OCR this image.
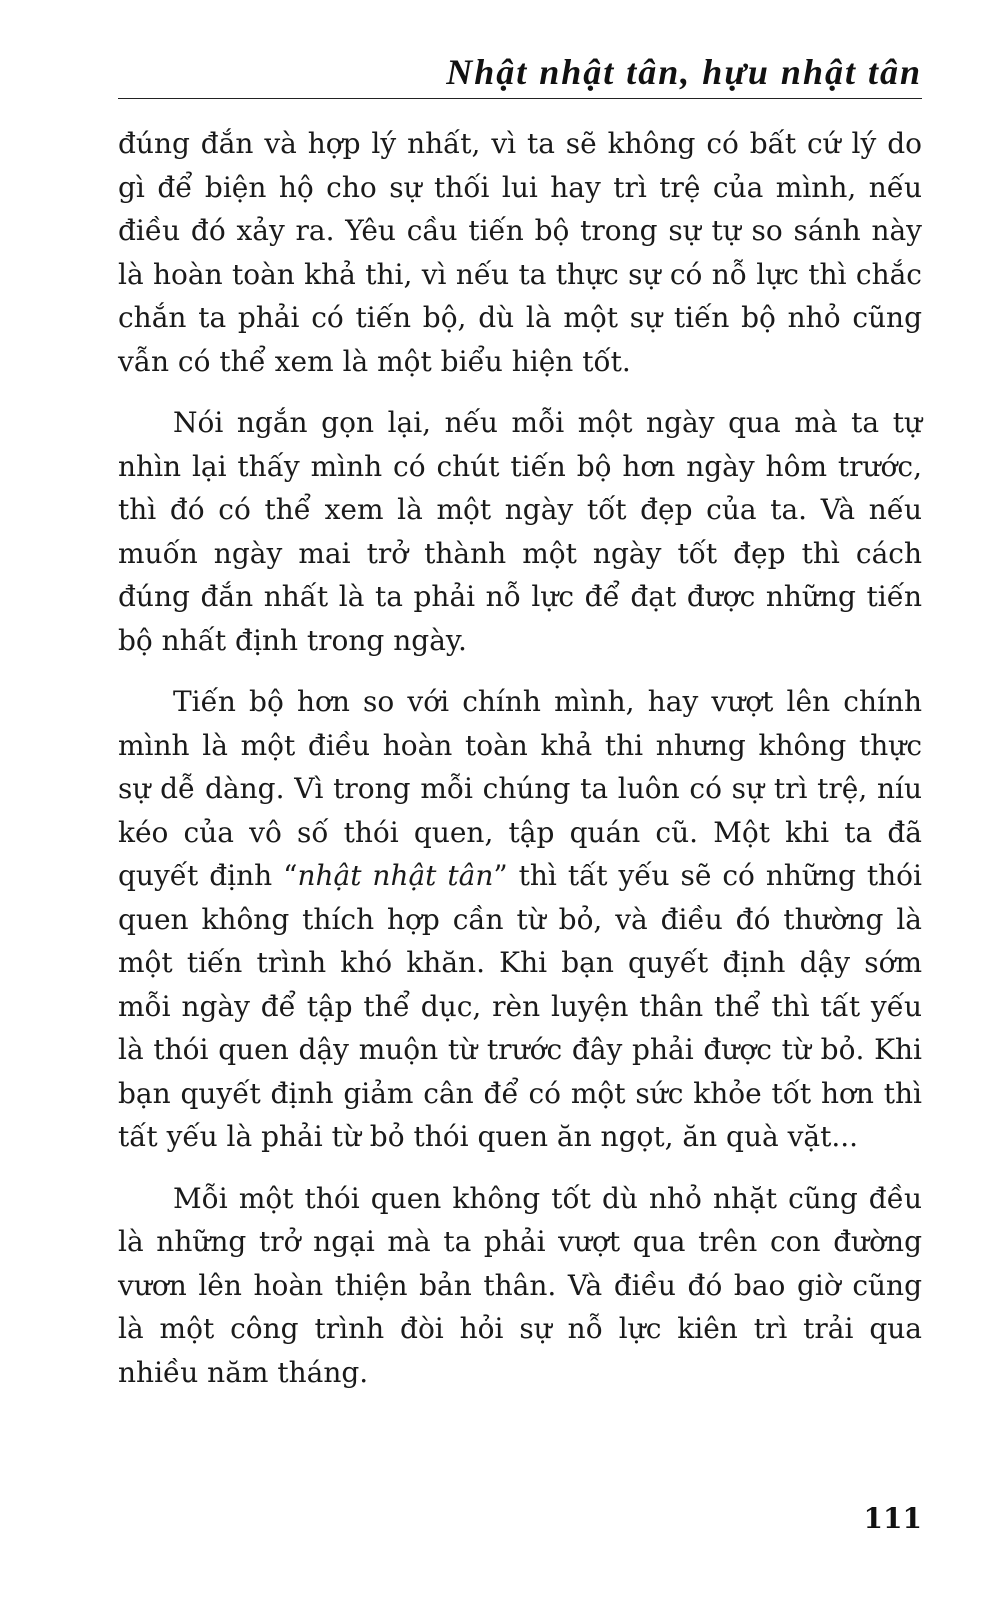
Nhật nhật tân, hựu nhật tân

đúng đắn và hợp lý nhất, vì ta sẽ không có bất cứ lý do gì để biện hộ cho sự thối lui hay trì trệ của mình, nếu điều đó xảy ra. Yêu cầu tiến bộ trong sự tự so sánh này là hoàn toàn khả thi, vì nếu ta thực sự có nỗ lực thì chắc chắn ta phải có tiến bộ, dù là một sự tiến bộ nhỏ cũng vẫn có thể xem là một biểu hiện tốt.

Nói ngắn gọn lại, nếu mỗi một ngày qua mà ta tự nhìn lại thấy mình có chút tiến bộ hơn ngày hôm trước, thì đó có thể xem là một ngày tốt đẹp của ta. Và nếu muốn ngày mai trở thành một ngày tốt đẹp thì cách đúng đắn nhất là ta phải nỗ lực để đạt được những tiến bộ nhất định trong ngày.

Tiến bộ hơn so với chính mình, hay vượt lên chính mình là một điều hoàn toàn khả thi nhưng không thực sự dễ dàng. Vì trong mỗi chúng ta luôn có sự trì trệ, níu kéo của vô số thói quen, tập quán cũ. Một khi ta đã quyết định “nhật nhật tân” thì tất yếu sẽ có những thói quen không thích hợp cần từ bỏ, và điều đó thường là một tiến trình khó khăn. Khi bạn quyết định dậy sớm mỗi ngày để tập thể dục, rèn luyện thân thể thì tất yếu là thói quen dậy muộn từ trước đây phải được từ bỏ. Khi bạn quyết định giảm cân để có một sức khỏe tốt hơn thì tất yếu là phải từ bỏ thói quen ăn ngọt, ăn quà vặt...

Mỗi một thói quen không tốt dù nhỏ nhặt cũng đều là những trở ngại mà ta phải vượt qua trên con đường vươn lên hoàn thiện bản thân. Và điều đó bao giờ cũng là một công trình đòi hỏi sự nỗ lực kiên trì trải qua nhiều năm tháng.

111
